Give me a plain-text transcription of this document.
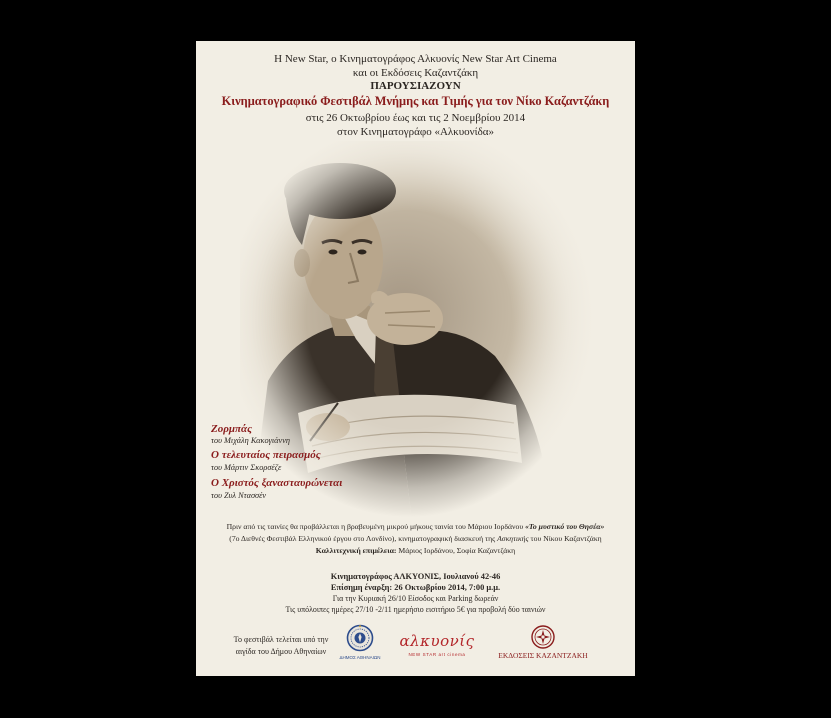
Η New Star, ο Κινηματογράφος Αλκυονίς New Star Art Cinema
και οι Εκδόσεις Καζαντζάκη
ΠΑΡΟΥΣΙΑΖΟΥΝ
Κινηματογραφικό Φεστιβάλ Μνήμης και Τιμής για τον Νίκο Καζαντζάκη
στις 26 Οκτωβρίου έως και τις 2 Νοεμβρίου 2014
στον Κινηματογράφο «Αλκυονίδα»
Ζορμπάς
του Μιχάλη Κακογιάννη
Ο τελευταίος πειρασμός
του Μάρτιν Σκορσέζε
Ο Χριστός ξανασταυρώνεται
του Ζυλ Ντασσέν
Πριν από τις ταινίες θα προβάλλεται η βραβευμένη μικρού μήκους ταινία του Μάριου Ιορδάνου «Το μυστικό του Θησέα»
(7ο Διεθνές Φεστιβάλ Ελληνικού έργου στο Λονδίνο), κινηματογραφική διασκευή της Ασκητικής του Νίκου Καζαντζάκη
Καλλιτεχνική επιμέλεια: Μάριος Ιορδάνου, Σοφία Καζαντζάκη
Κινηματογράφος ΑΛΚΥΟΝΙΣ, Ιουλιανού 42-46
Επίσημη έναρξη: 26 Οκτωβρίου 2014, 7:00 μ.μ.
Για την Κυριακή 26/10 Είσοδος και Parking δωρεάν
Τις υπόλοιπες ημέρες 27/10 -2/11 ημερήσιο εισιτήριο 5€ για προβολή δύο ταινιών
Το φεστιβάλ τελείται υπό την
αιγίδα του Δήμου Αθηναίων
ΔΗΜΟΣ ΑΘΗΝΑΙΩΝ
αλκυονίς
NEW STAR art cinema	ΕΚΔΟΣΕΙΣ ΚΑΖΑΝΤΖΑΚΗ
